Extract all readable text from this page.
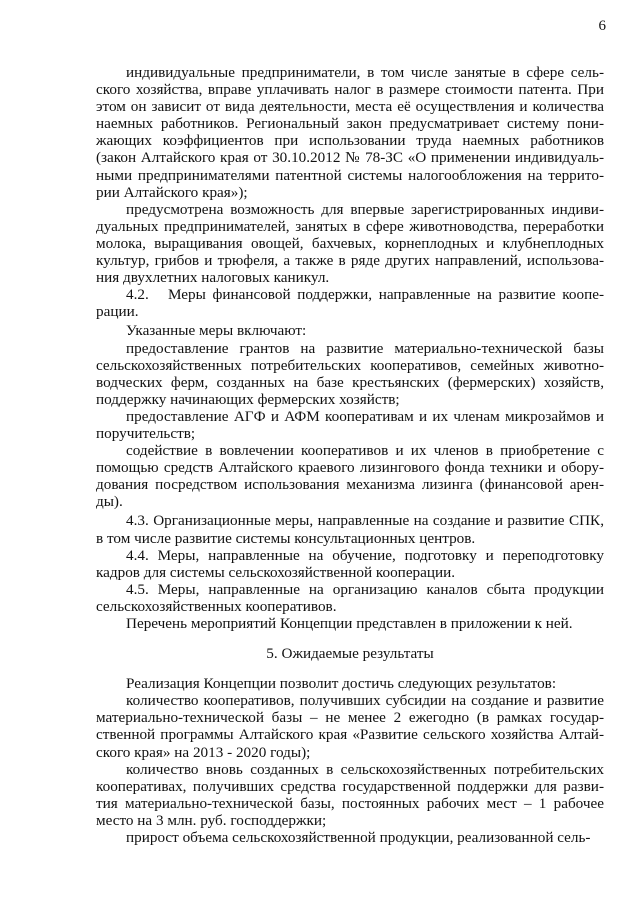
6

индивидуальные предприниматели, в том числе занятые в сфере сельского хозяйства, вправе уплачивать налог в размере стоимости патента. При этом он зависит от вида деятельности, места её осуществления и количества наемных работников. Региональный закон предусматривает систему понижающих коэффициентов при использовании труда наемных работников (закон Алтайского края от 30.10.2012 № 78-ЗС «О применении индивидуальными предпринимателями патентной системы налогообложения на территории Алтайского края»);

предусмотрена возможность для впервые зарегистрированных индивидуальных предпринимателей, занятых в сфере животноводства, переработки молока, выращивания овощей, бахчевых, корнеплодных и клубнеплодных культур, грибов и трюфеля, а также в ряде других направлений, использования двухлетних налоговых каникул.

4.2. Меры финансовой поддержки, направленные на развитие кооперации.

Указанные меры включают:

предоставление грантов на развитие материально-технической базы сельскохозяйственных потребительских кооперативов, семейных животноводческих ферм, созданных на базе крестьянских (фермерских) хозяйств, поддержку начинающих фермерских хозяйств;

предоставление АГФ и АФМ кооперативам и их членам микрозаймов и поручительств;

содействие в вовлечении кооперативов и их членов в приобретение с помощью средств Алтайского краевого лизингового фонда техники и оборудования посредством использования механизма лизинга (финансовой аренды).

4.3. Организационные меры, направленные на создание и развитие СПК, в том числе развитие системы консультационных центров.

4.4. Меры, направленные на обучение, подготовку и переподготовку кадров для системы сельскохозяйственной кооперации.

4.5. Меры, направленные на организацию каналов сбыта продукции сельскохозяйственных кооперативов.

Перечень мероприятий Концепции представлен в приложении к ней.

5. Ожидаемые результаты

Реализация Концепции позволит достичь следующих результатов:

количество кооперативов, получивших субсидии на создание и развитие материально-технической базы – не менее 2 ежегодно (в рамках государственной программы Алтайского края «Развитие сельского хозяйства Алтайского края» на 2013 - 2020 годы);

количество вновь созданных в сельскохозяйственных потребительских кооперативах, получивших средства государственной поддержки для развития материально-технической базы, постоянных рабочих мест – 1 рабочее место на 3 млн. руб. господдержки;

прирост объема сельскохозяйственной продукции, реализованной сель-
